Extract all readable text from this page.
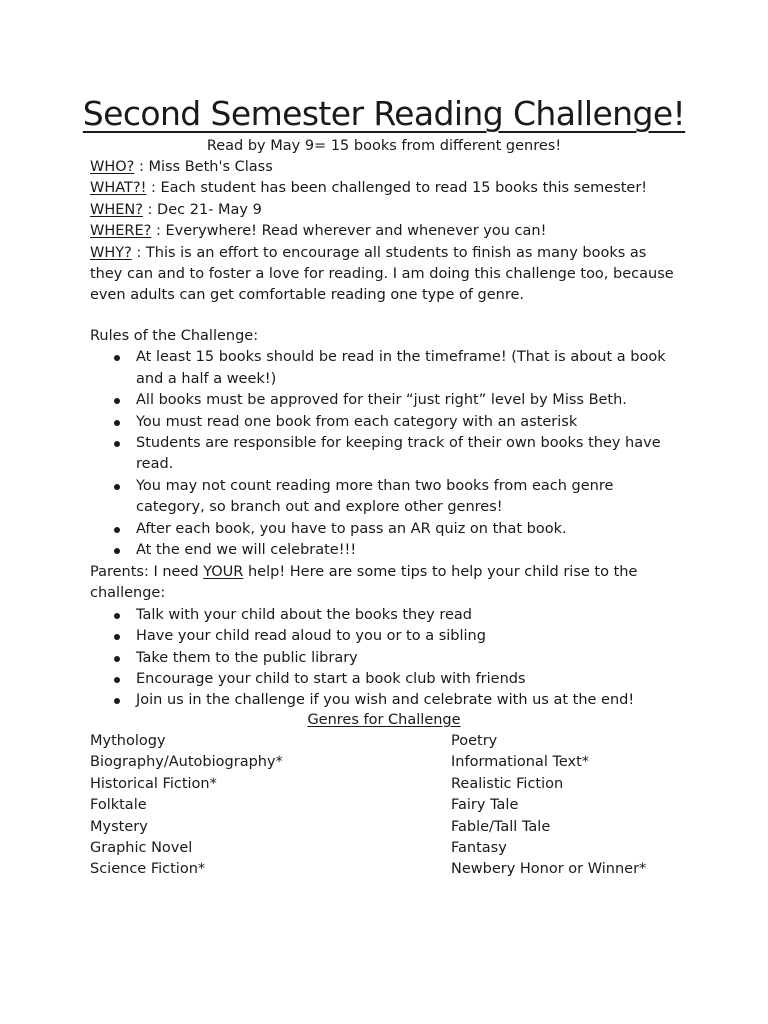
Second Semester Reading Challenge!
Read by May 9= 15 books from different genres!
WHO? : Miss Beth's Class
WHAT?! : Each student has been challenged to read 15 books this semester!
WHEN? : Dec 21- May 9
WHERE? : Everywhere! Read wherever and whenever you can!
WHY? : This is an effort to encourage all students to finish as many books as they can and to foster a love for reading. I am doing this challenge too, because even adults can get comfortable reading one type of genre.
Rules of the Challenge:
At least 15 books should be read in the timeframe! (That is about a book and a half a week!)
All books must be approved for their “just right” level by Miss Beth.
You must read one book from each category with an asterisk
Students are responsible for keeping track of their own books they have read.
You may not count reading more than two books from each genre category, so branch out and explore other genres!
After each book, you have to pass an AR quiz on that book.
At the end we will celebrate!!!
Parents: I need YOUR help! Here are some tips to help your child rise to the challenge:
Talk with your child about the books they read
Have your child read aloud to you or to a sibling
Take them to the public library
Encourage your child to start a book club with friends
Join us in the challenge if you wish and celebrate with us at the end!
Genres for Challenge
Mythology
Biography/Autobiography*
Historical Fiction*
Folktale
Mystery
Graphic Novel
Science Fiction*
Poetry
Informational Text*
Realistic Fiction
Fairy Tale
Fable/Tall Tale
Fantasy
Newbery Honor or Winner*
